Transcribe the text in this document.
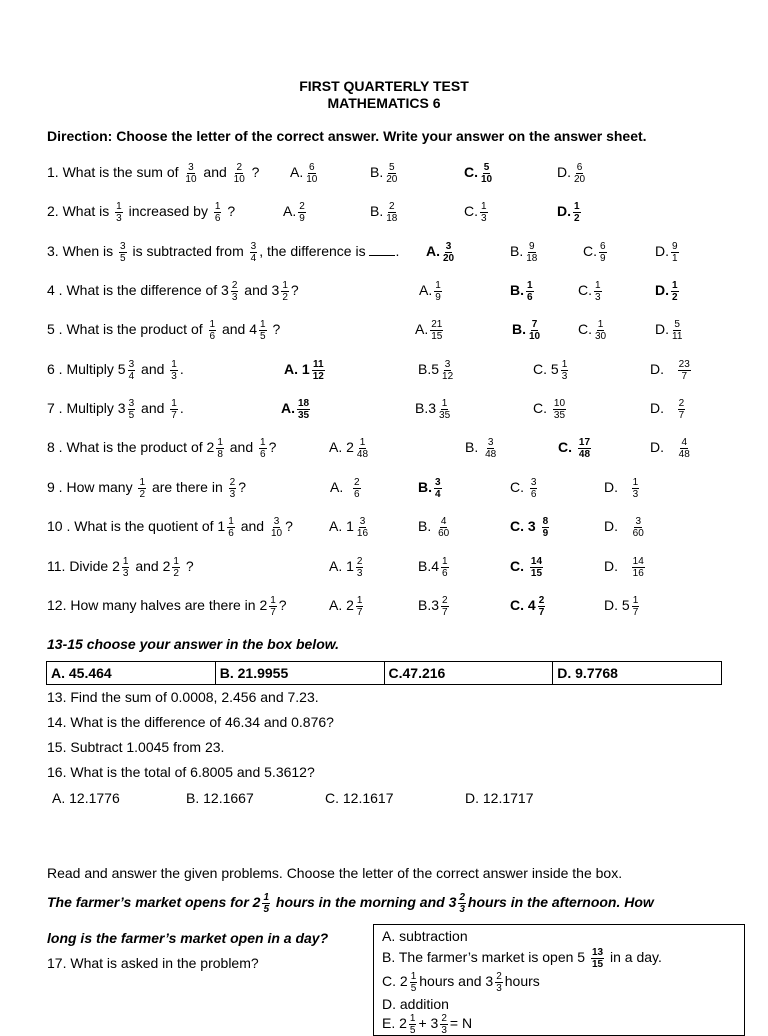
FIRST QUARTERLY TEST
MATHEMATICS 6
Direction: Choose the letter of the correct answer. Write your answer on the answer sheet.
1. What is the sum of $\frac{3}{10}$ and $\frac{2}{10}$ ? A. $\frac{6}{10}$	B. $\frac{5}{20}$	C. $\frac{5}{10}$	D. $\frac{6}{20}$
2. What is $\frac{1}{3}$ increased by $\frac{1}{6}$ ?	A. $\frac{2}{9}$	B. $\frac{2}{18}$	C. $\frac{1}{3}$	D. $\frac{1}{2}$
3. When is $\frac{3}{5}$ is subtracted from $\frac{3}{4}$ , the difference is . A. $\frac{3}{20}$	B. $\frac{9}{18}$	C. $\frac{6}{9}$	D. $\frac{9}{1}$
4 . What is the difference of $3 \frac{2}{3}$ and $3 \frac{1}{2}$ ?	A. $\frac{1}{9}$	B. $\frac{1}{6}$	C. $\frac{1}{3}$	D. $\frac{1}{2}$
5 . What is the product of $\frac{1}{6}$ and $4 \frac{1}{5}$ ?	A. $\frac{21}{15}$	B. $\frac{7}{10}$	C. $\frac{1}{30}$	D. $\frac{5}{11}$
6 . Multiply $5 \frac{3}{4}$ and $\frac{1}{3}$ .	A. $1 \frac{11}{12}$	$B.5 \frac{3}{12}$	C. $5 \frac{1}{3}$	D. $\frac{23}{7}$
7 . Multiply $3 \frac{3}{5}$ and $\frac{1}{7}$ .	A. $\frac{18}{35}$	$B.3 \frac{1}{35}$	C. $\frac{10}{35}$	D. $\frac{2}{7}$
8 . What is the product of $2 \frac{1}{8}$ and $\frac{1}{6}$ ?	A. $2 \frac{1}{48}$	B. $\frac{3}{48}$	C. $\frac{17}{48}$	D. $\frac{4}{48}$
9 . How many $\frac{1}{2}$ are there in $\frac{2}{3}$ ?	A. $\frac{2}{6}$	B. $\frac{3}{4}$	C. $\frac{3}{6}$	D. $\frac{1}{3}$
10 . What is the quotient of $1 \frac{1}{6}$ and $\frac{3}{10}$ ?	A. $1 \frac{3}{16}$	B. $\frac{4}{60}$	C. $3 \frac{8}{9}$	D. $\frac{3}{60}$
11. Divide $2 \frac{1}{3}$ and $2 \frac{1}{2}$ ?	A. $1 \frac{2}{3}$	$B.4 \frac{1}{6}$	C. $\frac{14}{15}$	D. $\frac{14}{16}$
12. How many halves are there in $2 \frac{1}{7}$ ?	A. $2 \frac{1}{7}$	$B.3 \frac{2}{7}$	C. $4 \frac{2}{7}$	D. $5 \frac{1}{7}$
13-15 choose your answer in the box below.
A. 45.464	B. 21.9955	C.47.216	D. 9.7768
13. Find the sum of 0.0008, 2.456 and 7.23.
14. What is the difference of 46.34 and 0.876?
15. Subtract 1.0045 from 23.
16. What is the total of 6.8005 and 5.3612?
A. 12.1776	B. 12.1667	C. 12.1617	D. 12.1717
Read and answer the given problems. Choose the letter of the correct answer inside the box.
The farmer’s market opens for $2 \frac{1}{5}$ hours in the morning and $3 \frac{2}{3}$ hours in the afternoon. How
long is the farmer’s market open in a day?
17. What is asked in the problem?
A. subtraction
B. The farmer’s market is open $5 \frac{13}{15}$ in a day.
C. $2 \frac{1}{5}$ hours and $3 \frac{2}{3}$ hours
D. addition
E. $2 \frac{1}{5} + 3 \frac{2}{3} = N$
